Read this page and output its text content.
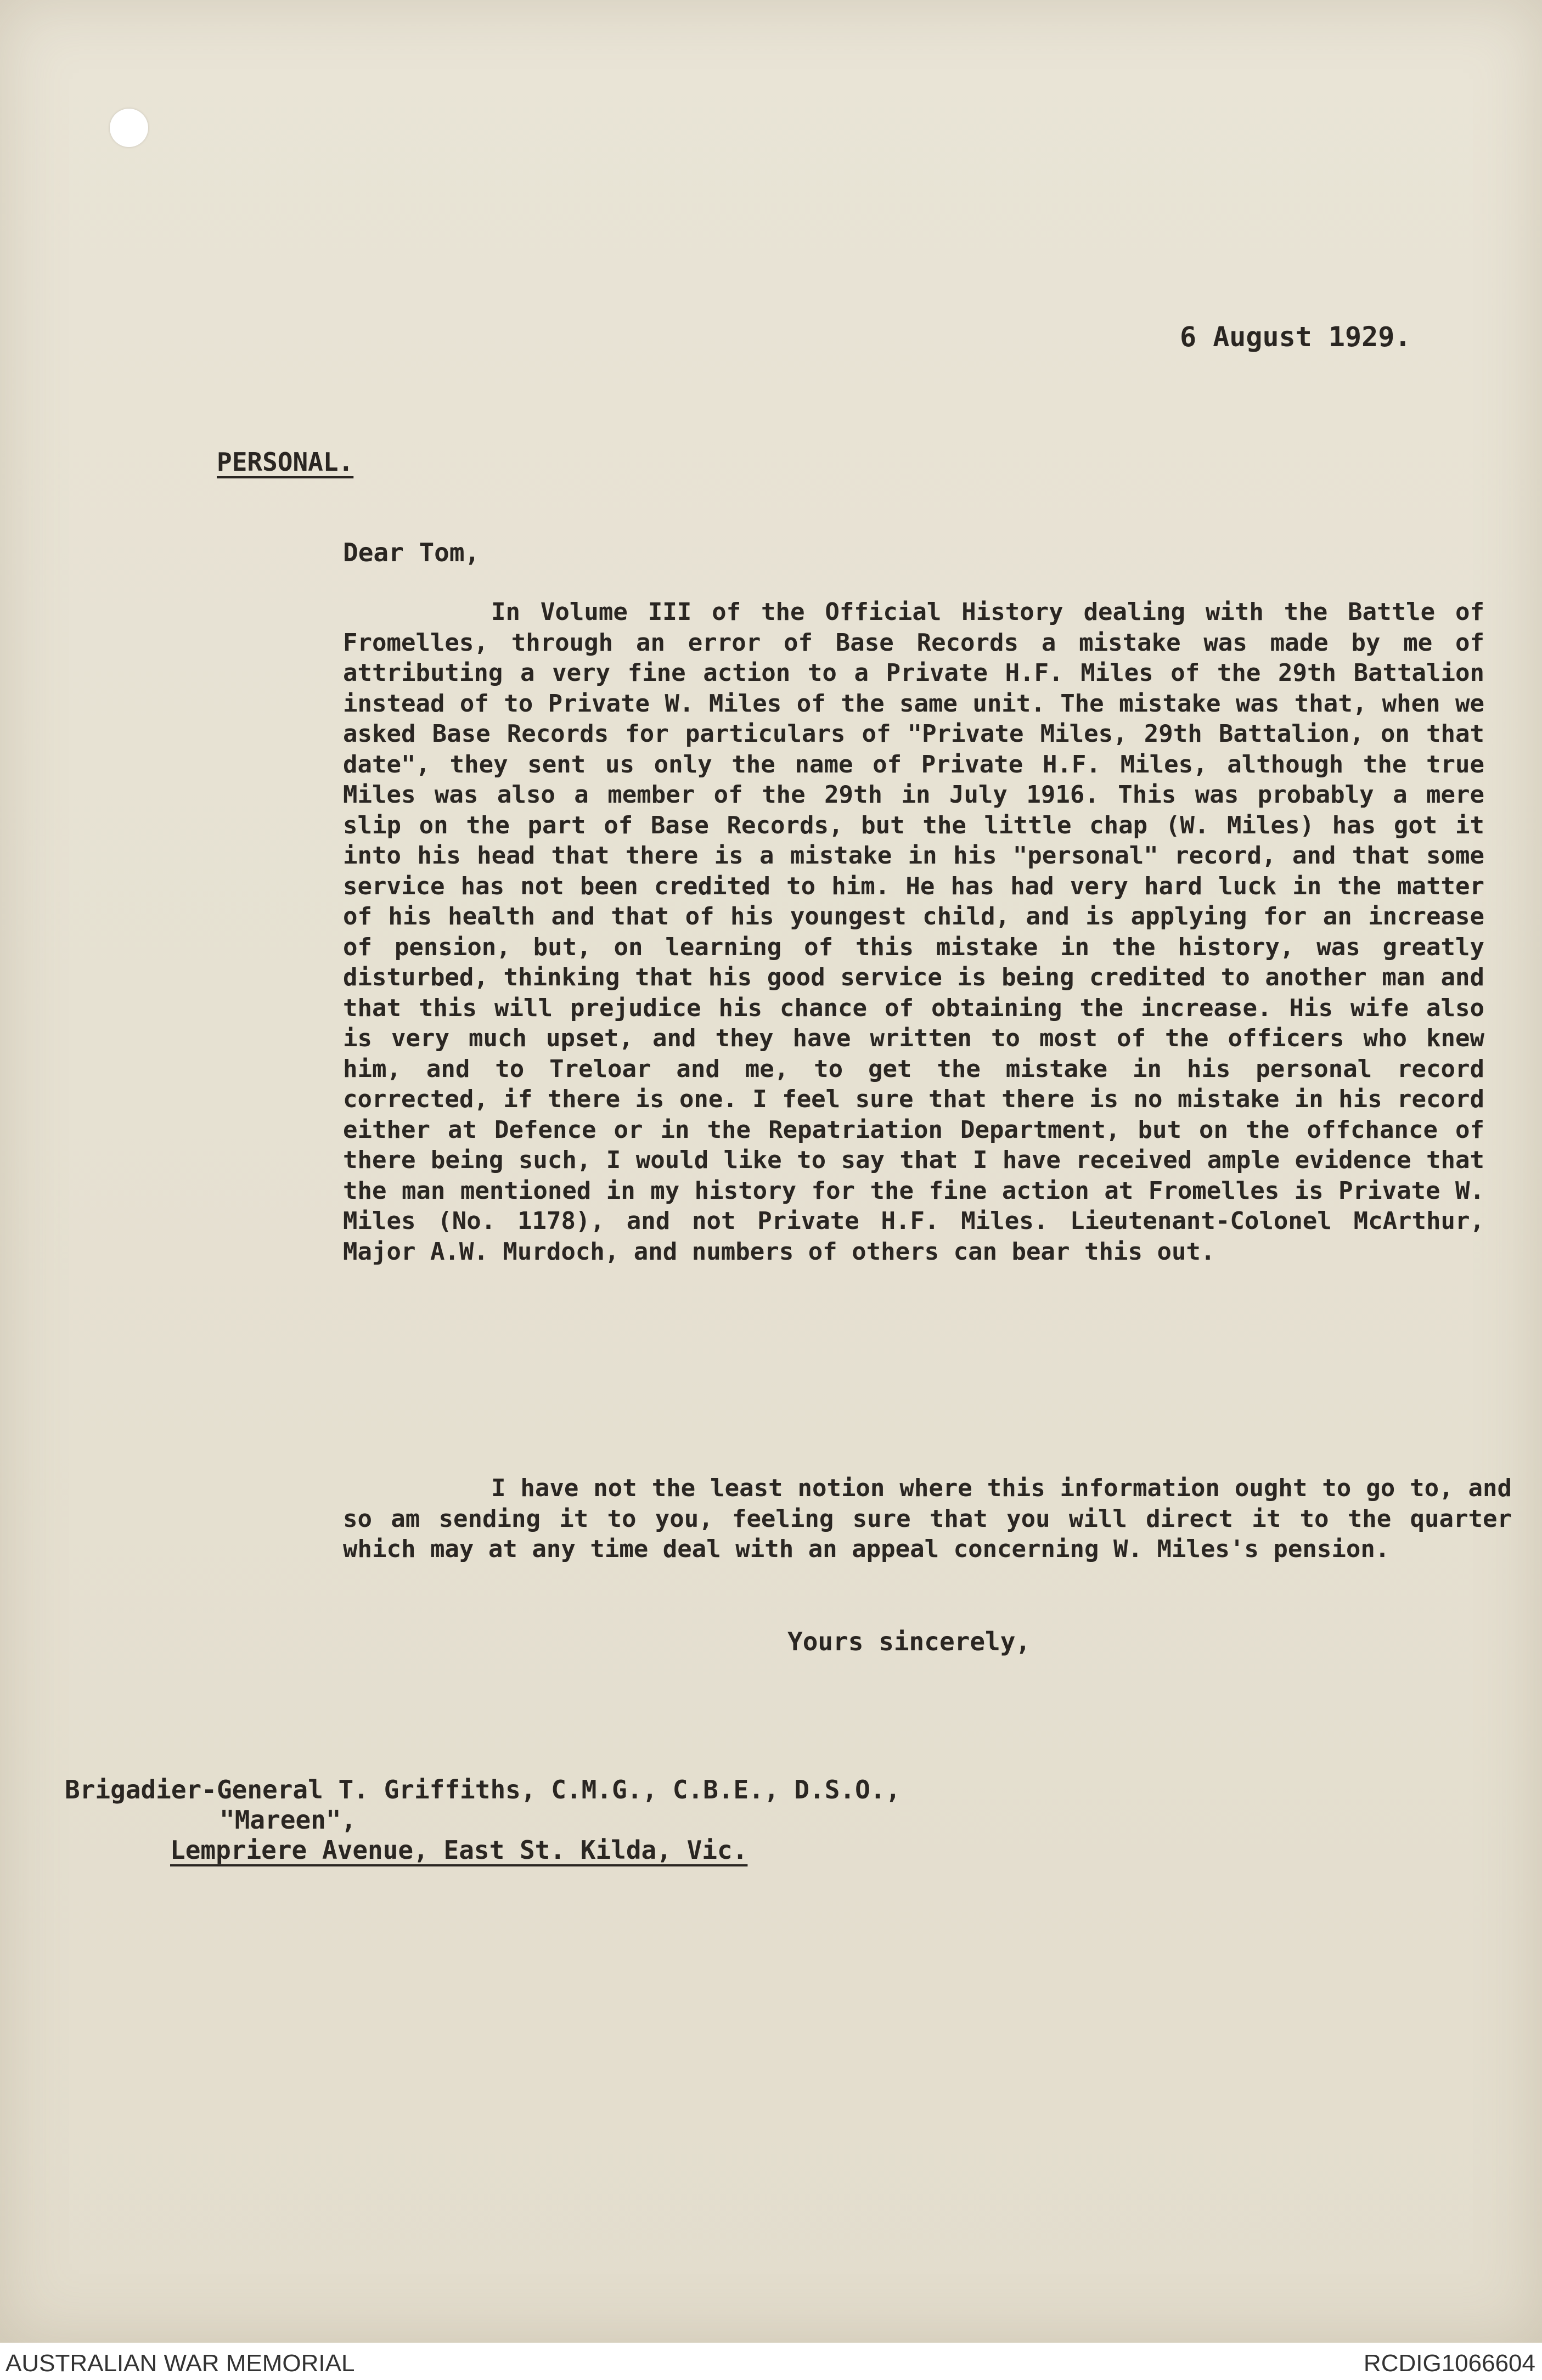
6 August 1929.
PERSONAL.
Dear Tom,

In Volume III of the Official History dealing with the Battle of Fromelles, through an error of Base Records a mistake was made by me of attributing a very fine action to a Private H.F. Miles of the 29th Battalion instead of to Private W. Miles of the same unit. The mistake was that, when we asked Base Records for particulars of "Private Miles, 29th Battalion, on that date", they sent us only the name of Private H.F. Miles, although the true Miles was also a member of the 29th in July 1916. This was probably a mere slip on the part of Base Records, but the little chap (W. Miles) has got it into his head that there is a mistake in his "personal" record, and that some service has not been credited to him. He has had very hard luck in the matter of his health and that of his youngest child, and is applying for an increase of pension, but, on learning of this mistake in the history, was greatly disturbed, thinking that his good service is being credited to another man and that this will prejudice his chance of obtaining the increase. His wife also is very much upset, and they have written to most of the officers who knew him, and to Treloar and me, to get the mistake in his personal record corrected, if there is one. I feel sure that there is no mistake in his record either at Defence or in the Repatriation Department, but on the offchance of there being such, I would like to say that I have received ample evidence that the man mentioned in my history for the fine action at Fromelles is Private W. Miles (No. 1178), and not Private H.F. Miles. Lieutenant-Colonel McArthur, Major A.W. Murdoch, and numbers of others can bear this out.

I have not the least notion where this information ought to go to, and so am sending it to you, feeling sure that you will direct it to the quarter which may at any time deal with an appeal concerning W. Miles's pension.

Yours sincerely,
Brigadier-General T. Griffiths, C.M.G., C.B.E., D.S.O.,
"Mareen",
Lempriere Avenue, East St. Kilda, Vic.
AUSTRALIAN WAR MEMORIAL	RCDIG1066604
